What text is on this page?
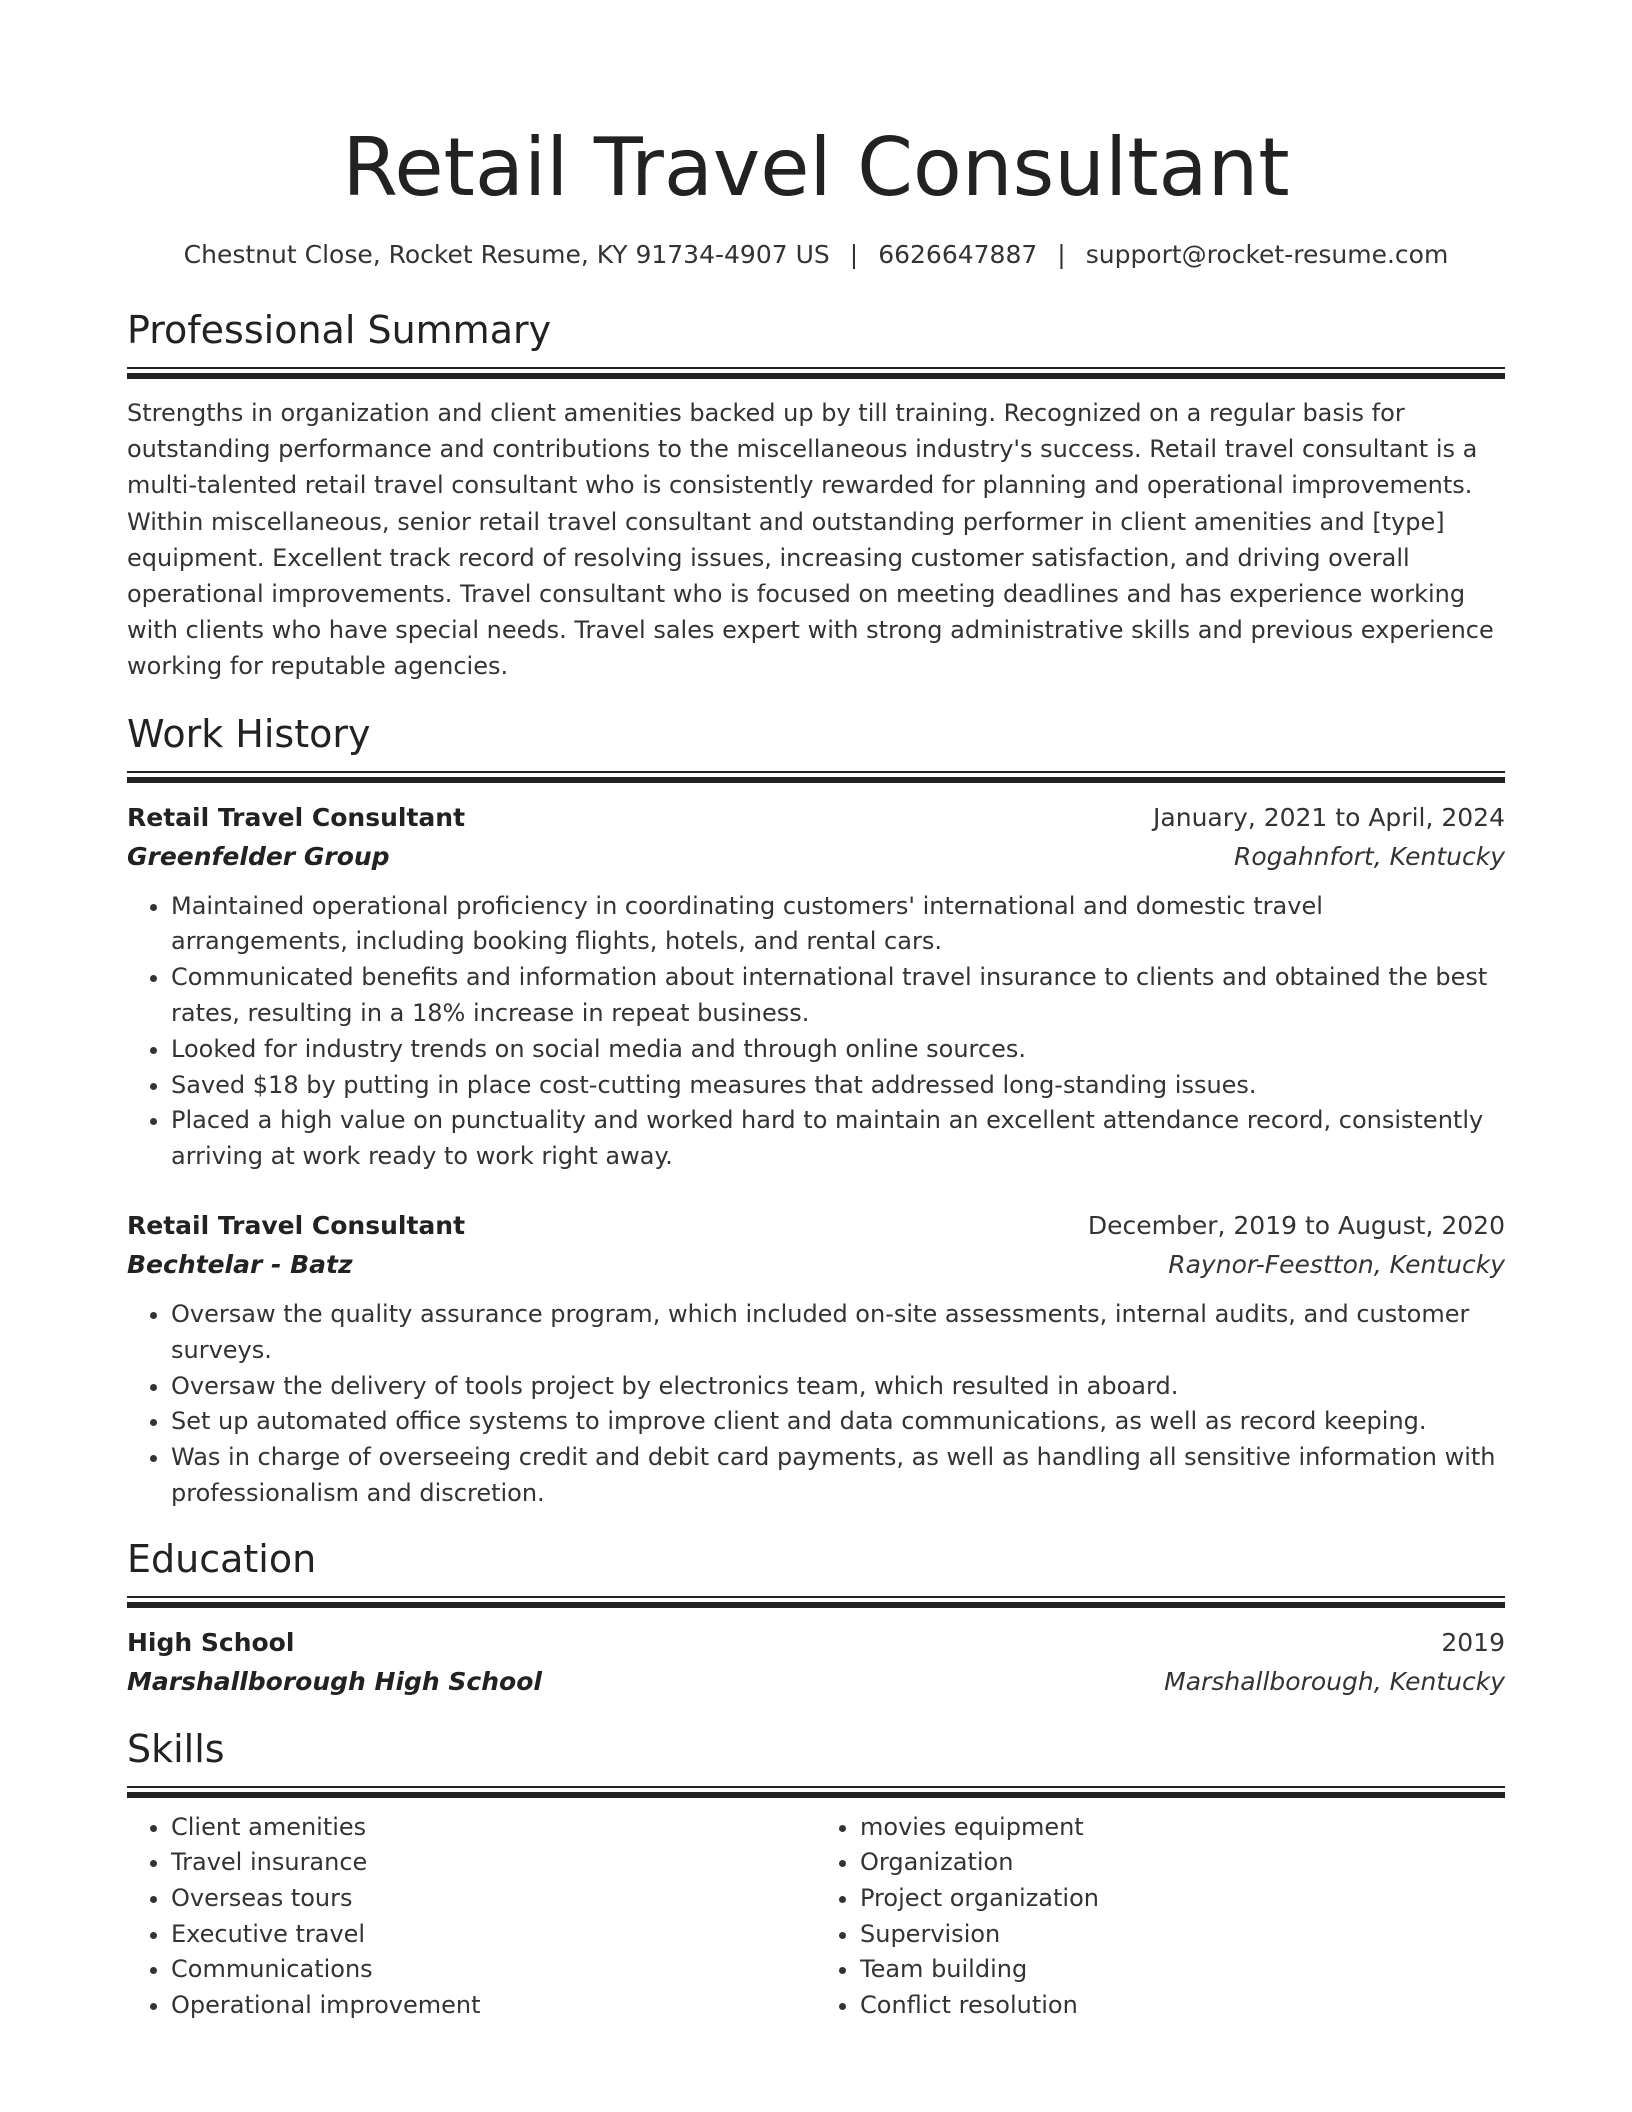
Retail Travel Consultant
Chestnut Close, Rocket Resume, KY 91734-4907 US | 6626647887 | support@rocket-resume.com
Professional Summary

Strengths in organization and client amenities backed up by till training. Recognized on a regular basis for outstanding performance and contributions to the miscellaneous industry's success. Retail travel consultant is a multi-talented retail travel consultant who is consistently rewarded for planning and operational improvements. Within miscellaneous, senior retail travel consultant and outstanding performer in client amenities and [type] equipment. Excellent track record of resolving issues, increasing customer satisfaction, and driving overall operational improvements. Travel consultant who is focused on meeting deadlines and has experience working with clients who have special needs. Travel sales expert with strong administrative skills and previous experience working for reputable agencies.

Work History
Retail Travel Consultant	January, 2021 to April, 2024
Greenfelder Group	Rogahnfort, Kentucky
• Maintained operational proficiency in coordinating customers' international and domestic travel arrangements, including booking flights, hotels, and rental cars.
• Communicated benefits and information about international travel insurance to clients and obtained the best rates, resulting in a 18% increase in repeat business.
• Looked for industry trends on social media and through online sources.
• Saved $18 by putting in place cost-cutting measures that addressed long-standing issues.
• Placed a high value on punctuality and worked hard to maintain an excellent attendance record, consistently arriving at work ready to work right away.
Retail Travel Consultant	December, 2019 to August, 2020
Bechtelar - Batz	Raynor-Feestton, Kentucky
• Oversaw the quality assurance program, which included on-site assessments, internal audits, and customer surveys.
• Oversaw the delivery of tools project by electronics team, which resulted in aboard.
• Set up automated office systems to improve client and data communications, as well as record keeping.
• Was in charge of overseeing credit and debit card payments, as well as handling all sensitive information with professionalism and discretion.
Education
High School	2019
Marshallborough High School	Marshallborough, Kentucky
Skills
• Client amenities
• Travel insurance
• Overseas tours
• Executive travel
• Communications
• Operational improvement
• movies equipment
• Organization
• Project organization
• Supervision
• Team building
• Conflict resolution
